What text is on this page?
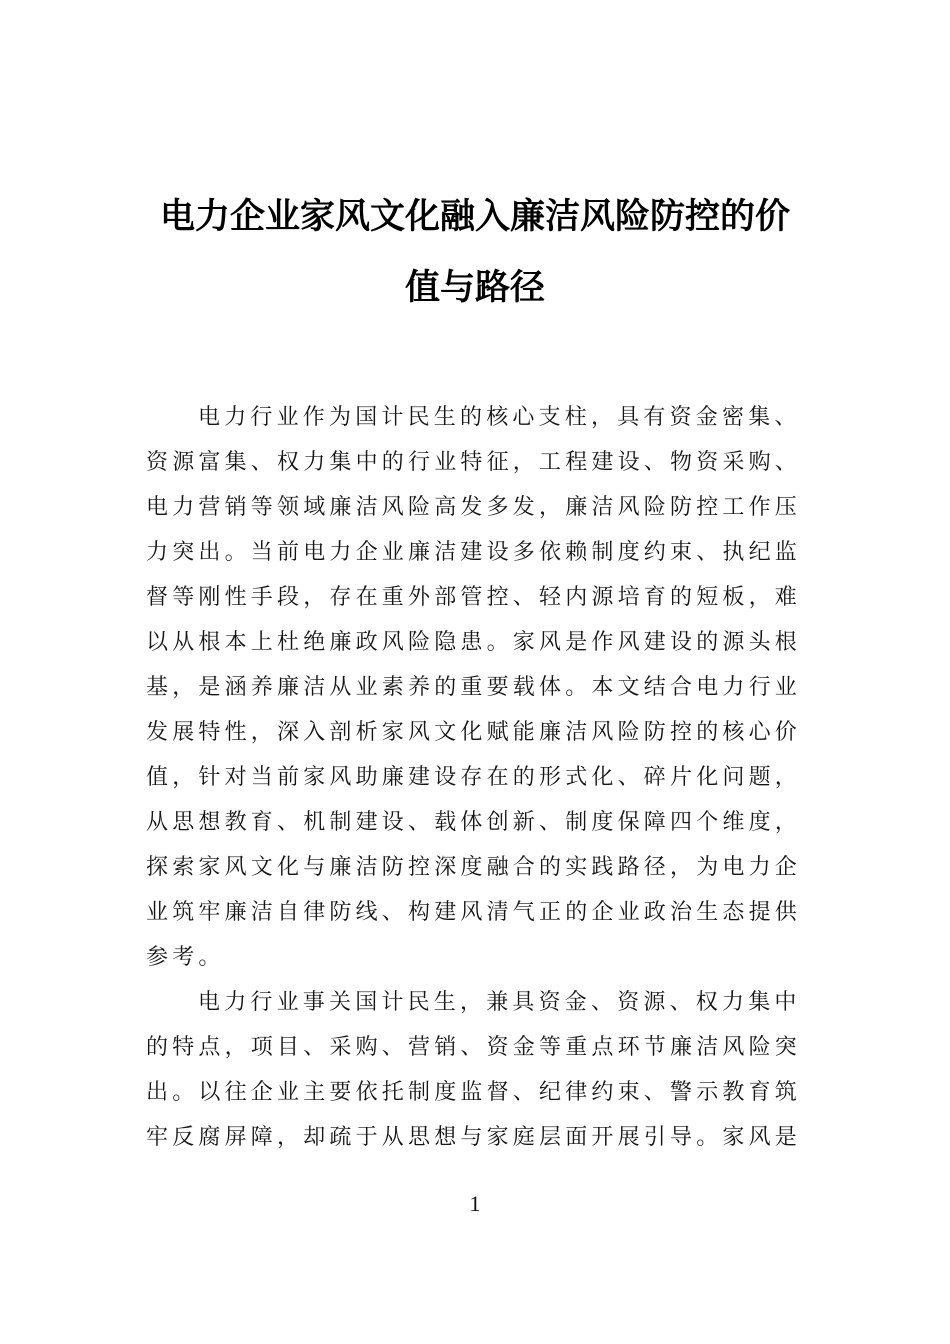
电力企业家风文化融入廉洁风险防控的价
值与路径
电力行业作为国计民生的核心支柱，具有资金密集、
资源富集、权力集中的行业特征，工程建设、物资采购、
电力营销等领域廉洁风险高发多发，廉洁风险防控工作压
力突出。当前电力企业廉洁建设多依赖制度约束、执纪监
督等刚性手段，存在重外部管控、轻内源培育的短板，难
以从根本上杜绝廉政风险隐患。家风是作风建设的源头根
基，是涵养廉洁从业素养的重要载体。本文结合电力行业
发展特性，深入剖析家风文化赋能廉洁风险防控的核心价
值，针对当前家风助廉建设存在的形式化、碎片化问题，
从思想教育、机制建设、载体创新、制度保障四个维度，
探索家风文化与廉洁防控深度融合的实践路径，为电力企
业筑牢廉洁自律防线、构建风清气正的企业政治生态提供
参考。
电力行业事关国计民生，兼具资金、资源、权力集中
的特点，项目、采购、营销、资金等重点环节廉洁风险突
出。以往企业主要依托制度监督、纪律约束、警示教育筑
牢反腐屏障，却疏于从思想与家庭层面开展引导。家风是
1
